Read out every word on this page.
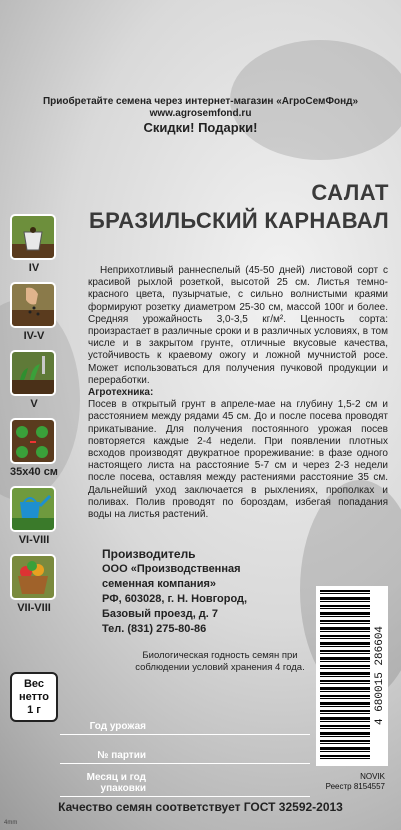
Приобретайте семена через интернет-магазин «АгроСемФонд»
www.agrosemfond.ru
Скидки! Подарки!
САЛАТ
БРАЗИЛЬСКИЙ КАРНАВАЛ
IV
IV-V
V
35х40 см
VI-VIII
VII-VIII

Неприхотливый раннеспелый (45-50 дней) листовой сорт с красивой рыхлой розеткой, высотой 25 см. Листья темно-красного цвета, пузырчатые, с сильно волнистыми краями формируют розетку диаметром 25-30 см, массой 100г и более. Средняя урожайность 3,0-3,5 кг/м². Ценность сорта: произрастает в различные сроки и в различных условиях, в том числе и в закрытом грунте, отличные вкусовые качества, устойчивость к краевому ожогу и ложной мучнистой росе. Может использоваться для получения пучковой продукции и переработки.

Агротехника:

Посев в открытый грунт в апреле-мае на глубину 1,5-2 см и расстоянием между рядами 45 см. До и после посева проводят прикатывание. Для получения постоянного урожая посев повторяется каждые 2-4 недели. При появлении плотных всходов производят двукратное прореживание: в фазе одного настоящего листа на расстояние 5-7 см и через 2-3 недели после посева, оставляя между растениями расстояние 35 см. Дальнейший уход заключается в рыхлениях, прополках и поливах. Полив проводят по бороздам, избегая попадания воды на листья растений.

Производитель
ООО «Производственная
семенная компания»
РФ, 603028, г. Н. Новгород,
Базовый проезд, д. 7
Тел. (831) 275-80-86
Биологическая годность семян при
соблюдении условий хранения 4 года.
Вес
нетто
1 г
Год урожая
№ партии
Месяц и год
упаковки
4 680015 286604
NOVIK
Реестр 8154557
Качество семян соответствует ГОСТ 32592-2013
4mm
